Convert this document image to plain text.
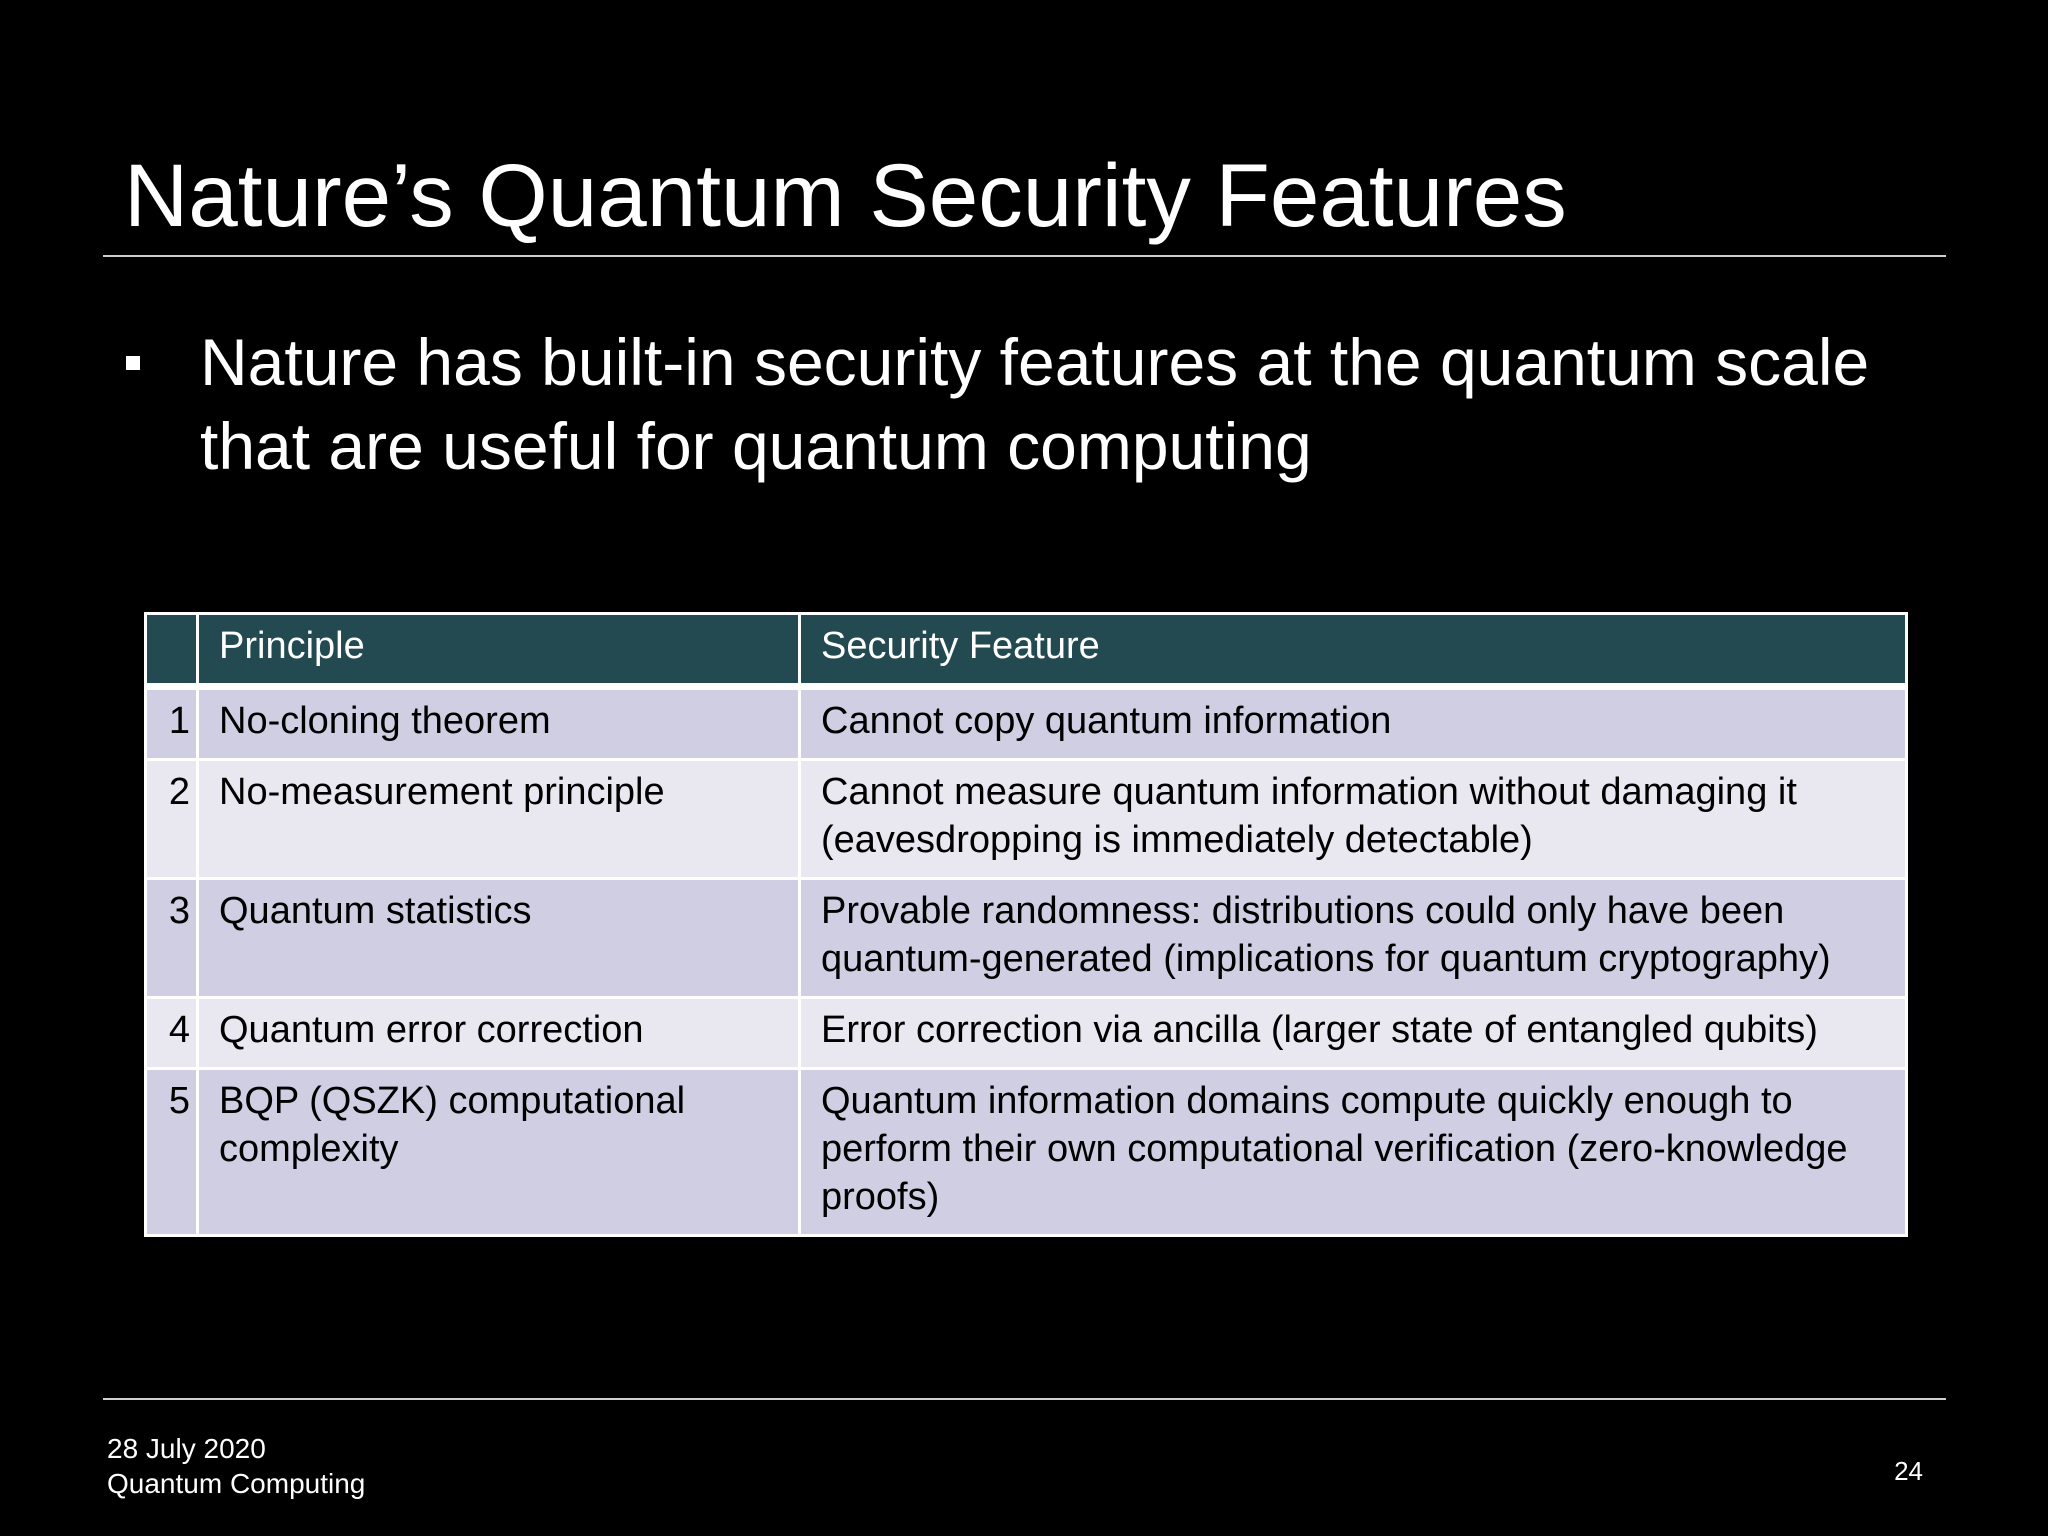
Nature’s Quantum Security Features
Nature has built-in security features at the quantum scale that are useful for quantum computing
	Principle	Security Feature
1	No-cloning theorem	Cannot copy quantum information
2	No-measurement principle	Cannot measure quantum information without damaging it (eavesdropping is immediately detectable)
3	Quantum statistics	Provable randomness: distributions could only have been quantum-generated (implications for quantum cryptography)
4	Quantum error correction	Error correction via ancilla (larger state of entangled qubits)
5	BQP (QSZK) computational complexity	Quantum information domains compute quickly enough to perform their own computational verification (zero-knowledge proofs)
28 July 2020
Quantum Computing	24
